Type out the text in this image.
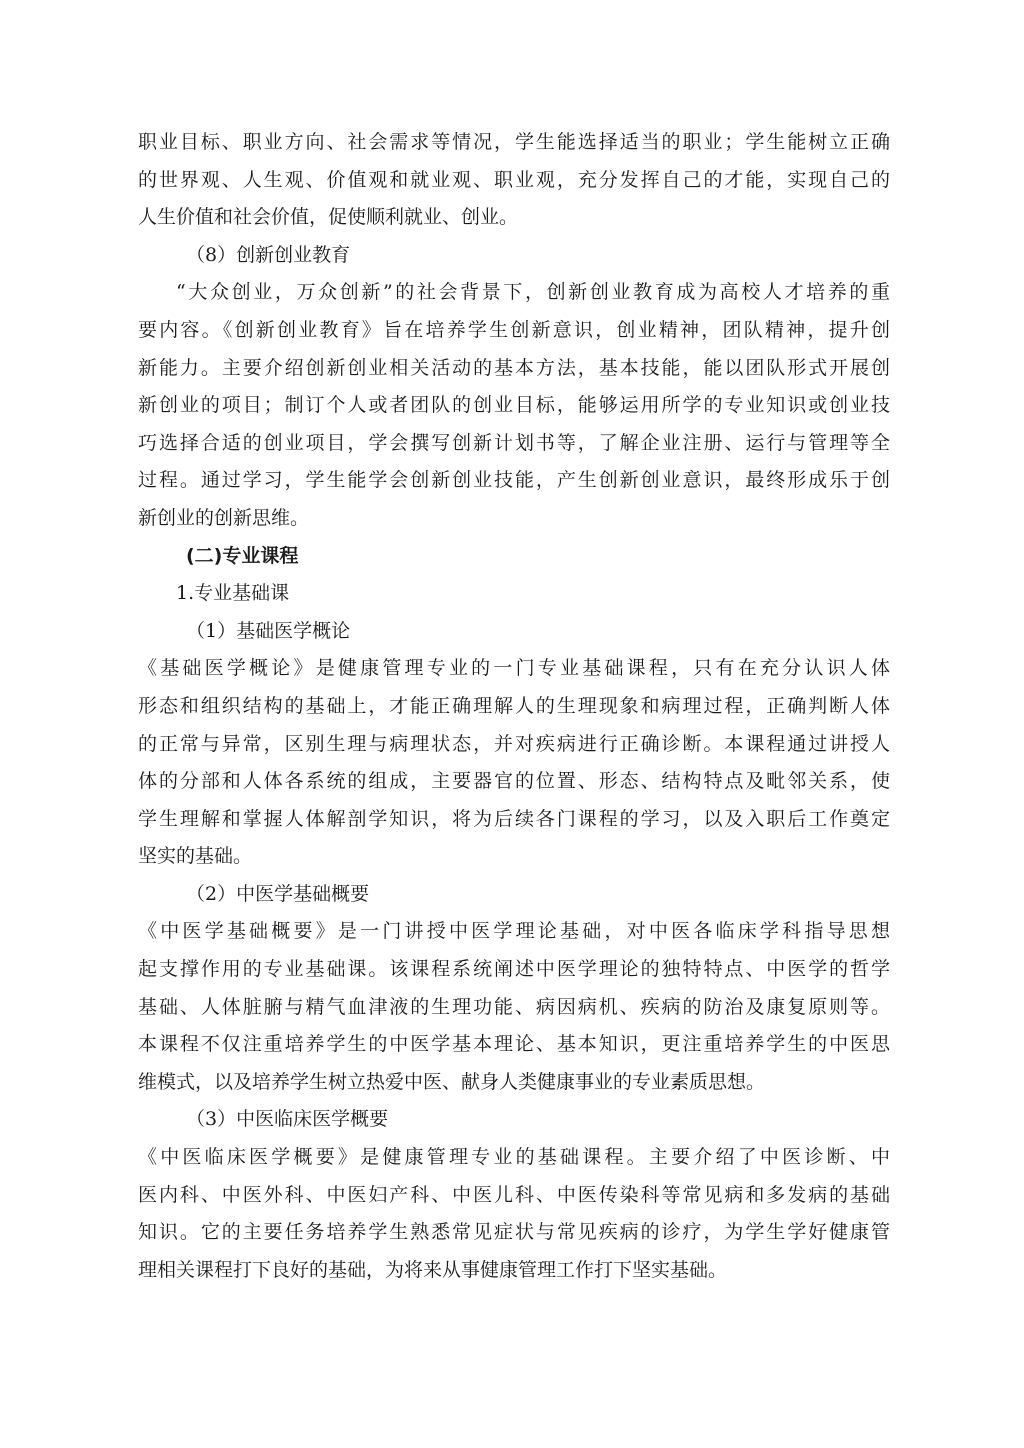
职业目标、职业方向、社会需求等情况，学生能选择适当的职业；学生能树立正确
的世界观、人生观、价值观和就业观、职业观，充分发挥自己的才能，实现自己的
人生价值和社会价值，促使顺利就业、创业。
（8）创新创业教育
“大众创业，万众创新”的社会背景下，创新创业教育成为高校人才培养的重
要内容。《创新创业教育》旨在培养学生创新意识，创业精神，团队精神，提升创
新能力。主要介绍创新创业相关活动的基本方法，基本技能，能以团队形式开展创
新创业的项目；制订个人或者团队的创业目标，能够运用所学的专业知识或创业技
巧选择合适的创业项目，学会撰写创新计划书等，了解企业注册、运行与管理等全
过程。通过学习，学生能学会创新创业技能，产生创新创业意识，最终形成乐于创
新创业的创新思维。
(二)专业课程
1.专业基础课
（1）基础医学概论
《基础医学概论》是健康管理专业的一门专业基础课程，只有在充分认识人体
形态和组织结构的基础上，才能正确理解人的生理现象和病理过程，正确判断人体
的正常与异常，区别生理与病理状态，并对疾病进行正确诊断。本课程通过讲授人
体的分部和人体各系统的组成，主要器官的位置、形态、结构特点及毗邻关系，使
学生理解和掌握人体解剖学知识，将为后续各门课程的学习，以及入职后工作奠定
坚实的基础。
（2）中医学基础概要
《中医学基础概要》是一门讲授中医学理论基础，对中医各临床学科指导思想
起支撑作用的专业基础课。该课程系统阐述中医学理论的独特特点、中医学的哲学
基础、人体脏腑与精气血津液的生理功能、病因病机、疾病的防治及康复原则等。
本课程不仅注重培养学生的中医学基本理论、基本知识，更注重培养学生的中医思
维模式，以及培养学生树立热爱中医、献身人类健康事业的专业素质思想。
（3）中医临床医学概要
《中医临床医学概要》是健康管理专业的基础课程。主要介绍了中医诊断、中
医内科、中医外科、中医妇产科、中医儿科、中医传染科等常见病和多发病的基础
知识。它的主要任务培养学生熟悉常见症状与常见疾病的诊疗，为学生学好健康管
理相关课程打下良好的基础，为将来从事健康管理工作打下坚实基础。
